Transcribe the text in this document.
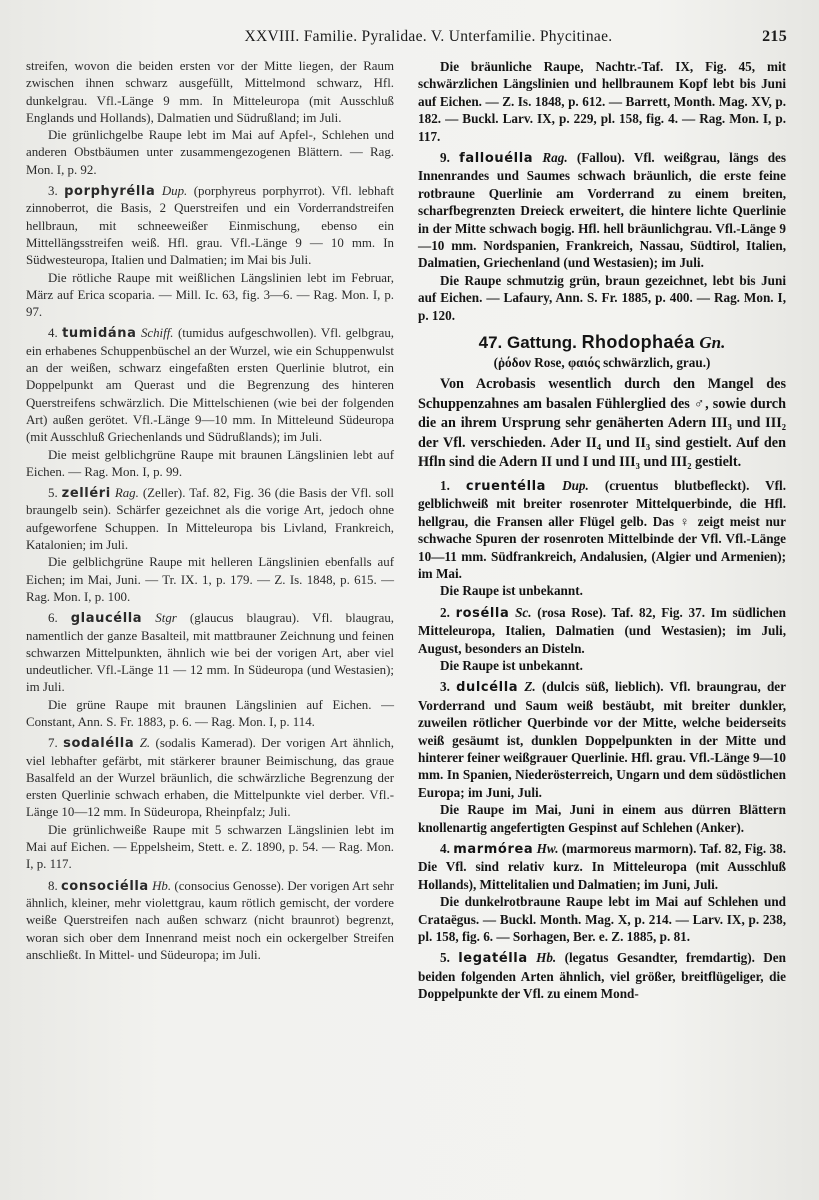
XXVIII. Familie. Pyralidae. V. Unterfamilie. Phycitinae.	215

streifen, wovon die beiden ersten vor der Mitte liegen, der Raum zwischen ihnen schwarz ausgefüllt, Mittelmond schwarz, Hfl. dunkelgrau. Vfl.-Länge 9 mm. In Mitteleuropa (mit Ausschluß Englands und Hollands), Dalmatien und Südrußland; im Juli.

Die grünlichgelbe Raupe lebt im Mai auf Apfel-, Schlehen und anderen Obstbäumen unter zusammengezogenen Blättern. — Rag. Mon. I, p. 92.

3. porphyrélla Dup. (porphyreus porphyrrot). Vfl. lebhaft zinnoberrot, die Basis, 2 Querstreifen und ein Vorderrandstreifen hellbraun, mit schneeweißer Einmischung, ebenso ein Mittellängsstreifen weiß. Hfl. grau. Vfl.-Länge 9 — 10 mm. In Südwesteuropa, Italien und Dalmatien; im Mai bis Juli.

Die rötliche Raupe mit weißlichen Längslinien lebt im Februar, März auf Erica scoparia. — Mill. Ic. 63, fig. 3—6. — Rag. Mon. I, p. 97.

4. tumidána Schiff. (tumidus aufgeschwollen). Vfl. gelbgrau, ein erhabenes Schuppenbüschel an der Wurzel, wie ein Schuppenwulst an der weißen, schwarz eingefaßten ersten Querlinie blutrot, ein Doppelpunkt am Querast und die Begrenzung des hinteren Querstreifens schwärzlich. Die Mittelschienen (wie bei der folgenden Art) außen gerötet. Vfl.-Länge 9—10 mm. In Mitteleund Südeuropa (mit Ausschluß Griechenlands und Südrußlands); im Juli.

Die meist gelblichgrüne Raupe mit braunen Längslinien lebt auf Eichen. — Rag. Mon. I, p. 99.

5. zelléri Rag. (Zeller). Taf. 82, Fig. 36 (die Basis der Vfl. soll braungelb sein). Schärfer gezeichnet als die vorige Art, jedoch ohne aufgeworfene Schuppen. In Mitteleuropa bis Livland, Frankreich, Katalonien; im Juli.

Die gelblichgrüne Raupe mit helleren Längslinien ebenfalls auf Eichen; im Mai, Juni. — Tr. IX. 1, p. 179. — Z. Is. 1848, p. 615. — Rag. Mon. I, p. 100.

6. glaucélla Stgr (glaucus blaugrau). Vfl. blaugrau, namentlich der ganze Basalteil, mit mattbrauner Zeichnung und feinen schwarzen Mittelpunkten, ähnlich wie bei der vorigen Art, aber viel undeutlicher. Vfl.-Länge 11 — 12 mm. In Südeuropa (und Westasien); im Juli.

Die grüne Raupe mit braunen Längslinien auf Eichen. — Constant, Ann. S. Fr. 1883, p. 6. — Rag. Mon. I, p. 114.

7. sodalélla Z. (sodalis Kamerad). Der vorigen Art ähnlich, viel lebhafter gefärbt, mit stärkerer brauner Beimischung, das graue Basalfeld an der Wurzel bräunlich, die schwärzliche Begrenzung der ersten Querlinie schwach erhaben, die Mittelpunkte viel derber. Vfl.-Länge 10—12 mm. In Südeuropa, Rheinpfalz; Juli.

Die grünlichweiße Raupe mit 5 schwarzen Längslinien lebt im Mai auf Eichen. — Eppelsheim, Stett. e. Z. 1890, p. 54. — Rag. Mon. I, p. 117.

8. consociélla Hb. (consocius Genosse). Der vorigen Art sehr ähnlich, kleiner, mehr violettgrau, kaum rötlich gemischt, der vordere weiße Querstreifen nach außen schwarz (nicht braunrot) begrenzt, woran sich ober dem Innenrand meist noch ein ockergelber Streifen anschließt. In Mittel- und Südeuropa; im Juli.

Die bräunliche Raupe, Nachtr.-Taf. IX, Fig. 45, mit schwärzlichen Längslinien und hellbraunem Kopf lebt bis Juni auf Eichen. — Z. Is. 1848, p. 612. — Barrett, Month. Mag. XV, p. 182. — Buckl. Larv. IX, p. 229, pl. 158, fig. 4. — Rag. Mon. I, p. 117.

9. fallouélla Rag. (Fallou). Vfl. weißgrau, längs des Innenrandes und Saumes schwach bräunlich, die erste feine rotbraune Querlinie am Vorderrand zu einem breiten, scharfbegrenzten Dreieck erweitert, die hintere lichte Querlinie in der Mitte schwach bogig. Hfl. hell bräunlichgrau. Vfl.-Länge 9—10 mm. Nordspanien, Frankreich, Nassau, Südtirol, Italien, Dalmatien, Griechenland (und Westasien); im Juli.

Die Raupe schmutzig grün, braun gezeichnet, lebt bis Juni auf Eichen. — Lafaury, Ann. S. Fr. 1885, p. 400. — Rag. Mon. I, p. 120.

47. Gattung. Rhodophaéa Gn.

(ῥόδον Rose, φαιός schwärzlich, grau.)

Von Acrobasis wesentlich durch den Mangel des Schuppenzahnes am basalen Fühlerglied des ♂, sowie durch die an ihrem Ursprung sehr genäherten Adern III₃ und III₂ der Vfl. verschieden. Ader II₄ und II₃ sind gestielt. Auf den Hfln sind die Adern II und I und III₃ und III₂ gestielt.

1. cruentélla Dup. (cruentus blutbefleckt). Vfl. gelblichweiß mit breiter rosenroter Mittelquerbinde, die Hfl. hellgrau, die Fransen aller Flügel gelb. Das ♀ zeigt meist nur schwache Spuren der rosenroten Mittelbinde der Vfl. Vfl.-Länge 10—11 mm. Südfrankreich, Andalusien, (Algier und Armenien); im Mai.

Die Raupe ist unbekannt.

2. rosélla Sc. (rosa Rose). Taf. 82, Fig. 37. Im südlichen Mitteleuropa, Italien, Dalmatien (und Westasien); im Juli, August, besonders an Disteln.

Die Raupe ist unbekannt.

3. dulcélla Z. (dulcis süß, lieblich). Vfl. braungrau, der Vorderrand und Saum weiß bestäubt, mit breiter dunkler, zuweilen rötlicher Querbinde vor der Mitte, welche beiderseits weiß gesäumt ist, dunklen Doppelpunkten in der Mitte und hinterer feiner weißgrauer Querlinie. Hfl. grau. Vfl.-Länge 9—10 mm. In Spanien, Niederösterreich, Ungarn und dem südöstlichen Europa; im Juni, Juli.

Die Raupe im Mai, Juni in einem aus dürren Blättern knollenartig angefertigten Gespinst auf Schlehen (Anker).

4. marmórea Hw. (marmoreus marmorn). Taf. 82, Fig. 38. Die Vfl. sind relativ kurz. In Mitteleuropa (mit Ausschluß Hollands), Mittelitalien und Dalmatien; im Juni, Juli.

Die dunkelrotbraune Raupe lebt im Mai auf Schlehen und Crataëgus. — Buckl. Month. Mag. X, p. 214. — Larv. IX, p. 238, pl. 158, fig. 6. — Sorhagen, Ber. e. Z. 1885, p. 81.

5. legatélla Hb. (legatus Gesandter, fremdartig). Den beiden folgenden Arten ähnlich, viel größer, breitflügeliger, die Doppelpunkte der Vfl. zu einem Mond-
